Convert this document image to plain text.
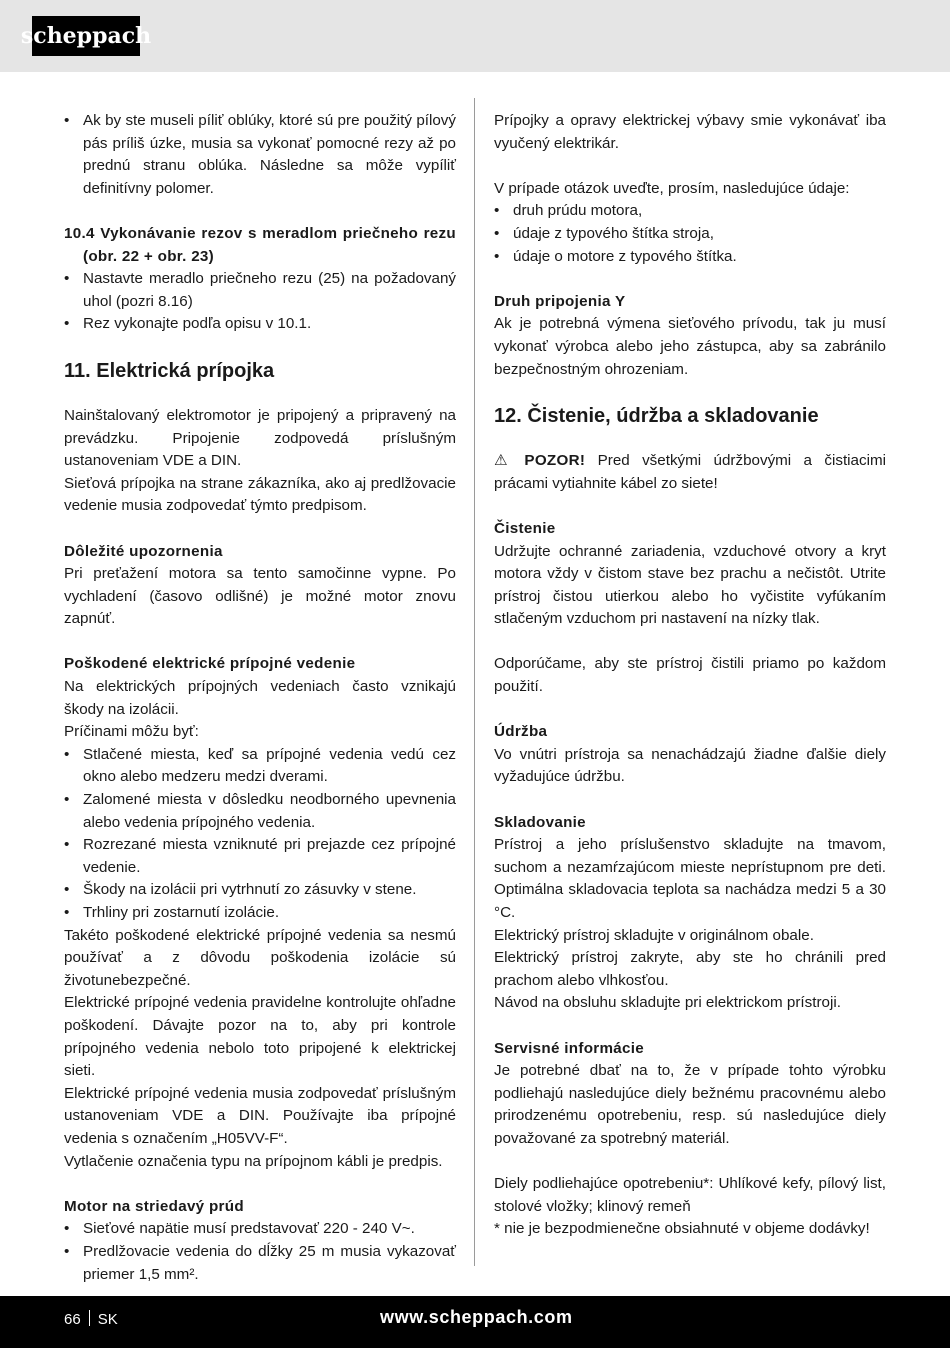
scheppach
• Ak by ste museli píliť oblúky, ktoré sú pre použitý pílový pás príliš úzke, musia sa vykonať pomocné rezy až po prednú stranu oblúka. Následne sa môže vypíliť definitívny polomer.

10.4 Vykonávanie rezov s meradlom priečneho rezu (obr. 22 + obr. 23)

• Nastavte meradlo priečneho rezu (25) na požadovaný uhol (pozri 8.16)
• Rez vykonajte podľa opisu v 10.1.

11. Elektrická prípojka

Nainštalovaný elektromotor je pripojený a pripravený na prevádzku. Pripojenie zodpovedá príslušným ustanoveniam VDE a DIN.

Sieťová prípojka na strane zákazníka, ako aj predlžovacie vedenie musia zodpovedať týmto predpisom.

Dôležité upozornenia

Pri preťažení motora sa tento samočinne vypne. Po vychladení (časovo odlišné) je možné motor znovu zapnúť.

Poškodené elektrické prípojné vedenie

Na elektrických prípojných vedeniach často vznikajú škody na izolácii.

Príčinami môžu byť:

• Stlačené miesta, keď sa prípojné vedenia vedú cez okno alebo medzeru medzi dverami.
• Zalomené miesta v dôsledku neodborného upevnenia alebo vedenia prípojného vedenia.
• Rozrezané miesta vzniknuté pri prejazde cez prípojné vedenie.
• Škody na izolácii pri vytrhnutí zo zásuvky v stene.
• Trhliny pri zostarnutí izolácie.

Takéto poškodené elektrické prípojné vedenia sa nesmú používať a z dôvodu poškodenia izolácie sú životunebezpečné.

Elektrické prípojné vedenia pravidelne kontrolujte ohľadne poškodení. Dávajte pozor na to, aby pri kontrole prípojného vedenia nebolo toto pripojené k elektrickej sieti.

Elektrické prípojné vedenia musia zodpovedať príslušným ustanoveniam VDE a DIN. Používajte iba prípojné vedenia s označením „H05VV-F“.

Vytlačenie označenia typu na prípojnom kábli je predpis.

Motor na striedavý prúd

• Sieťové napätie musí predstavovať 220 - 240 V~.
• Predlžovacie vedenia do dĺžky 25 m musia vykazovať priemer 1,5 mm².

Prípojky a opravy elektrickej výbavy smie vykonávať iba vyučený elektrikár.

V prípade otázok uveďte, prosím, nasledujúce údaje:

• druh prúdu motora,
• údaje z typového štítka stroja,
• údaje o motore z typového štítka.

Druh pripojenia Y

Ak je potrebná výmena sieťového prívodu, tak ju musí vykonať výrobca alebo jeho zástupca, aby sa zabránilo bezpečnostným ohrozeniam.

12. Čistenie, údržba a skladovanie

⚠ POZOR! Pred všetkými údržbovými a čistiacimi prácami vytiahnite kábel zo siete!

Čistenie

Udržujte ochranné zariadenia, vzduchové otvory a kryt motora vždy v čistom stave bez prachu a nečistôt. Utrite prístroj čistou utierkou alebo ho vyčistite vyfúkaním stlačeným vzduchom pri nastavení na nízky tlak.

Odporúčame, aby ste prístroj čistili priamo po každom použití.

Údržba

Vo vnútri prístroja sa nenachádzajú žiadne ďalšie diely vyžadujúce údržbu.

Skladovanie

Prístroj a jeho príslušenstvo skladujte na tmavom, suchom a nezamŕzajúcom mieste neprístupnom pre deti. Optimálna skladovacia teplota sa nachádza medzi 5 a 30 °C.

Elektrický prístroj skladujte v originálnom obale.

Elektrický prístroj zakryte, aby ste ho chránili pred prachom alebo vlhkosťou.

Návod na obsluhu skladujte pri elektrickom prístroji.

Servisné informácie

Je potrebné dbať na to, že v prípade tohto výrobku podliehajú nasledujúce diely bežnému pracovnému alebo prirodzenému opotrebeniu, resp. sú nasledujúce diely považované za spotrebný materiál.

Diely podliehajúce opotrebeniu*: Uhlíkové kefy, pílový list, stolové vložky; klinový remeň

* nie je bezpodmienečne obsiahnuté v objeme dodávky!

66 SK	www.scheppach.com
